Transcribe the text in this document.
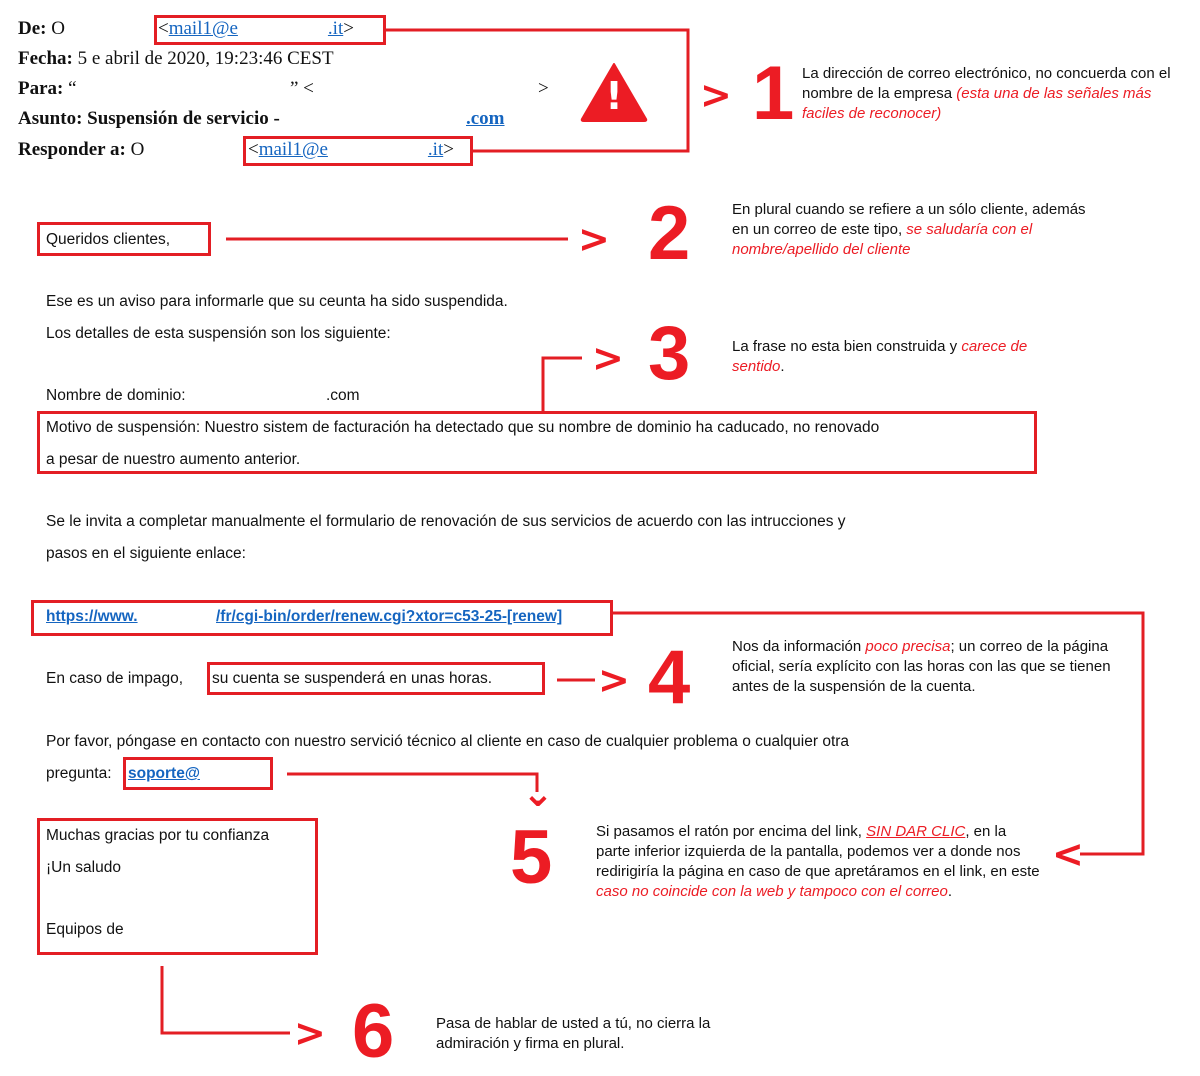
De: O	<mail1@e	.it>
Fecha: 5 e abril de 2020, 19:23:46 CEST
Para: “	” <	>
Asunto: Suspensión de servicio -	.com
Responder a: O	<mail1@e	.it>
Queridos clientes,
Ese es un aviso para informarle que su ceunta ha sido suspendida.
Los detalles de esta suspensión son los siguiente:
Nombre de dominio:	.com
Motivo de suspensión: Nuestro sistem de facturación ha detectado que su nombre de dominio ha caducado, no renovado
a pesar de nuestro aumento anterior.
Se le invita a completar manualmente el formulario de renovación de sus servicios de acuerdo con las intrucciones y
pasos en el siguiente enlace:
https://www.	/fr/cgi-bin/order/renew.cgi?xtor=c53-25-[renew]
En caso de impago, su cuenta se suspenderá en unas horas.
Por favor, póngase en contacto con nuestro servició técnico al cliente en caso de cualquier problema o cualquier otra
pregunta: soporte@
Muchas gracias por tu confianza
¡Un saludo
Equipos de
!	> 1
> 2
> 3
> 4
⌄
<
5
> 6
La dirección de correo electrónico, no concuerda con el nombre de la empresa (esta una de las señales más faciles de reconocer)
En plural cuando se refiere a un sólo cliente, además en un correo de este tipo, se saludaría con el nombre/apellido del cliente
La frase no esta bien construida y carece de sentido.
Nos da información poco precisa; un correo de la página oficial, sería explícito con las horas con las que se tienen antes de la suspensión de la cuenta.
Si pasamos el ratón por encima del link, SIN DAR CLIC, en la parte inferior izquierda de la pantalla, podemos ver a donde nos redirigiría la página en caso de que apretáramos en el link, en este caso no coincide con la web y tampoco con el correo.
Pasa de hablar de usted a tú, no cierra la admiración y firma en plural.
